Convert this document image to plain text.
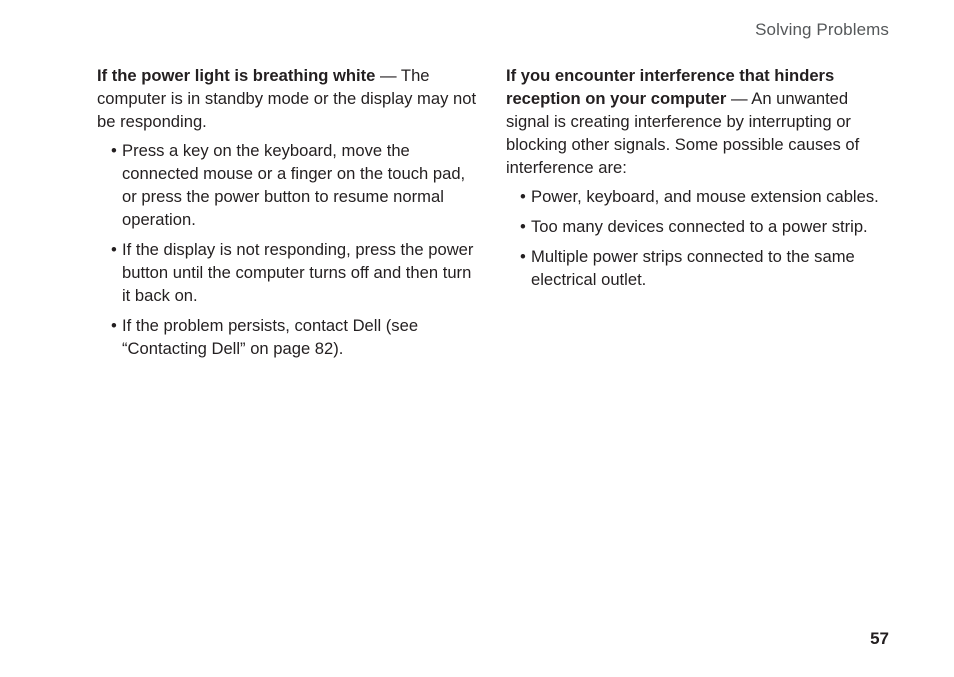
Solving Problems

If the power light is breathing white — The computer is in standby mode or the display may not be responding.

• Press a key on the keyboard, move the connected mouse or a finger on the touch pad, or press the power button to resume normal operation.
• If the display is not responding, press the power button until the computer turns off and then turn it back on.
• If the problem persists, contact Dell (see “Contacting Dell” on page 82).

If you encounter interference that hinders reception on your computer — An unwanted signal is creating interference by interrupting or blocking other signals. Some possible causes of interference are:

• Power, keyboard, and mouse extension cables.
• Too many devices connected to a power strip.
• Multiple power strips connected to the same electrical outlet.
57
